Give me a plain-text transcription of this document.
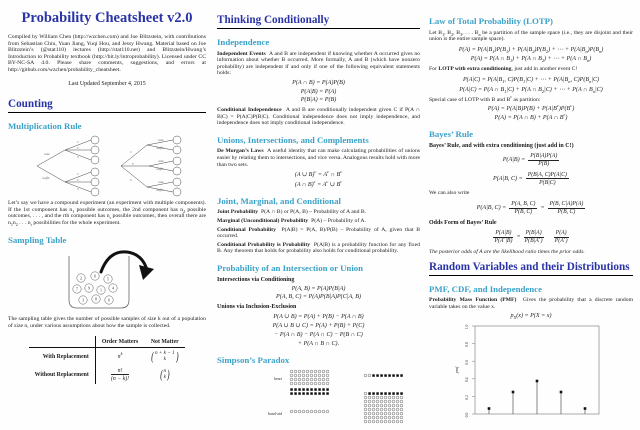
Probability Cheatsheet v2.0

Compiled by William Chen (http://wzchen.com) and Joe Blitzstein, with contributions from Sebastian Chiu, Yuan Jiang, Yuqi Hou, and Jessy Hwang. Material based on Joe Blitzstein’s (@stat110) lectures (http://stat110.net) and Blitzstein/Hwang’s Introduction to Probability textbook (http://bit.ly/introprobability). Licensed under CC BY-NC-SA 4.0. Please share comments, suggestions, and errors at http://github.com/wzchen/probability_cheatsheet.

Last Updated September 4, 2015

Counting
Multiplication Rule
cake
waffle
C
V
S
C
V
S
C
V
S
cake
waffle
cake
waffle
cake
waffle

Let’s say we have a compound experiment (an experiment with multiple components). If the 1st component has $n_1$ possible outcomes, the 2nd component has $n_2$ possible outcomes, . . . , and the rth component has $n_r$ possible outcomes, then overall there are $n_1n_2$ . . . $n_r$ possibilities for the whole experiment.

Sampling Table
2	6
5
7	9	1	4
3	8	6

The sampling table gives the number of possible samples of size k out of a population of size n, under various assumptions about how the sample is collected.

	Order Matters	Not Matter
With Replacement	$n^k$	( n + k − 1
k )

Without Replacement	$\frac{n!}{(n - k)!}$	( n
k )
Thinking Conditionally
Independence

Independent Events A and B are independent if knowing whether A occurred gives no information about whether B occurred. More formally, A and B (which have nonzero probability) are independent if and only if one of the following equivalent statements holds:

P(A ∩ B) = P(A)P(B)
P(A|B) = P(A)
P(B|A) = P(B)

Conditional Independence A and B are conditionally independent given C if P(A ∩ B|C) = P(A|C)P(B|C). Conditional independence does not imply independence, and independence does not imply conditional independence.

Unions, Intersections, and Complements

De Morgan’s Laws A useful identity that can make calculating probabilities of unions easier by relating them to intersections, and vice versa. Analogous results hold with more than two sets.

(A ∪ $B)^c = A^c$ ∩ $B^c$
(A ∩ $B)^c = A^c$ ∪ $B^c$
Joint, Marginal, and Conditional

Joint Probability P(A ∩ B) or P(A, B) – Probability of A and B.

Marginal (Unconditional) Probability P(A) – Probability of A.

Conditional Probability P(A|B) = P(A, B)/P(B) – Probability of A, given that B occurred.

Conditional Probability is Probability P(A|B) is a probability function for any fixed B. Any theorem that holds for probability also holds for conditional probability.

Probability of an Intersection or Union
Intersections via Conditioning
P(A, B) = P(A)P(B|A)
P(A, B, C) = P(A)P(B|A)P(C|A, B)
Unions via Inclusion-Exclusion
P(A ∪ B) = P(A) + P(B) − P(A ∩ B)
P(A ∪ B ∪ C) = P(A) + P(B) + P(C)
− P(A ∩ B) − P(A ∩ C) − P(B ∩ C)
+ P(A ∩ B ∩ C).
Simpson’s Paradox
heart
band-aid
Law of Total Probability (LOTP)

Let $B_1$, $B_2$, $B_3$, . . . $B_n$ be a partition of the sample space (i.e., they are disjoint and their union is the entire sample space).

$P(A) = P(A|B_1)P(B_1) + P(A|B_2)P(B_2)$ + ⋯ + $P(A|B_n)P(B_n)$
P(A) = P(A ∩ $B_1) + P(A$ ∩ $B_2$) + ⋯ + P(A ∩ $B_n$)

For LOTP with extra conditioning, just add in another event C!

$P(A|C) = P(A|B_1$, $C)P(B_1|C)$ + ⋯ + $P(A|B_n$, $C)P(B_n|C)$
P(A|C) = P(A ∩ $B_1|C) + P(A$ ∩ $B_2|C$) + ⋯ + P(A ∩ $B_n|C$)

Special case of LOTP with B and $B^c$ as partition:

$P(A) = P(A|B)P(B) + P(A|B^c)P(B^c)$
P(A) = P(A ∩ B) + P(A ∩ $B^c$)
Bayes’ Rule
Bayes’ Rule, and with extra conditioning (just add in C!)
$P(A|B) = \frac{P(B|A)P(A)}{P(B)}$
P(A|B, $C) = \frac{P(B|A, C)P(A|C)}{P(B|C)}$

We can also write

P(A|B, $C) = \frac{P(A, B, C)}{P(B, C)} = \frac{P(B, C|A)P(A)}{P(B, C)}$
Odds Form of Bayes’ Rule
$\frac{P(A|B)}{P(A^c|B)} = \frac{P(B|A)}{P(B|A^c)} \frac{P(A)}{P(A^c)}$

The posterior odds of A are the likelihood ratio times the prior odds.

Random Variables and their Distributions
PMF, CDF, and Independence

Probability Mass Function (PMF) Gives the probability that a discrete random variable takes on the value x.

$p_X(x) = P(X = x)$
0.0
0.2
0.4
0.6
0.8
1.0
pmf
